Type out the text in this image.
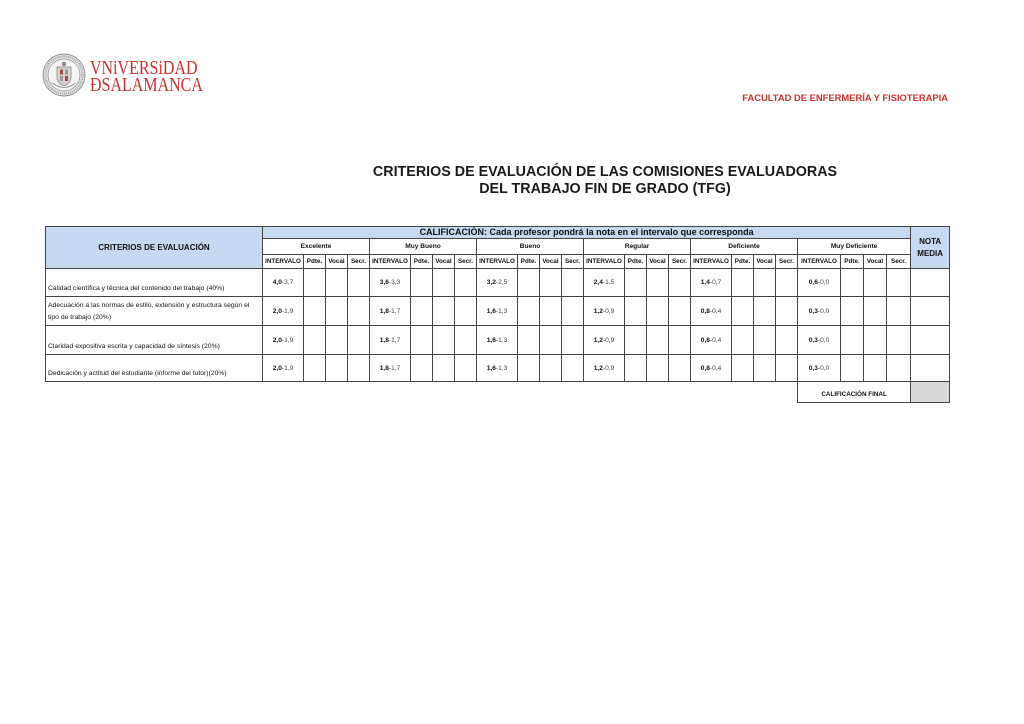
VNiVERSiDAD
ÐSALAMANCA
FACULTAD DE ENFERMERÍA Y FISIOTERAPIA
CRITERIOS DE EVALUACIÓN DE LAS COMISIONES EVALUADORAS
DEL TRABAJO FIN DE GRADO (TFG)
CRITERIOS DE EVALUACIÓN	CALIFICACIÓN: Cada profesor pondrá la nota en el intervalo que corresponda																								NOTA MEDIA
	Excelente				Muy Bueno				Bueno				Regular				Deficiente				Muy Deficiente				
	INTERVALO	Pdte.	Vocal	Secr.	INTERVALO	Pdte.	Vocal	Secr.	INTERVALO	Pdte.	Vocal	Secr.	INTERVALO	Pdte.	Vocal	Secr.	INTERVALO	Pdte.	Vocal	Secr.	INTERVALO	Pdte.	Vocal	Secr.	
Calidad científica y técnica del contenido del trabajo (40%)	4,0-3,7				3,6-3,3				3,2-2,5				2,4-1,5				1,4-0,7				0,6-0,0				
Adecuación a las normas de estilo, extensión y estructura según el tipo de trabajo (20%)	2,0-1,9				1,8-1,7				1,6-1,3				1,2-0,9				0,8-0,4				0,3-0,0				
Claridad expositiva escrita y capacidad de síntesis (20%)	2,0-1,9				1,8-1,7				1,6-1,3				1,2-0,9				0,8-0,4				0,3-0,0				
Dedicación y actitud del estudiante (informe del tutor)(20%)	2,0-1,9				1,8-1,7				1,6-1,3				1,2-0,9				0,8-0,4				0,3-0,0				
																					CALIFICACIÓN FINAL				
